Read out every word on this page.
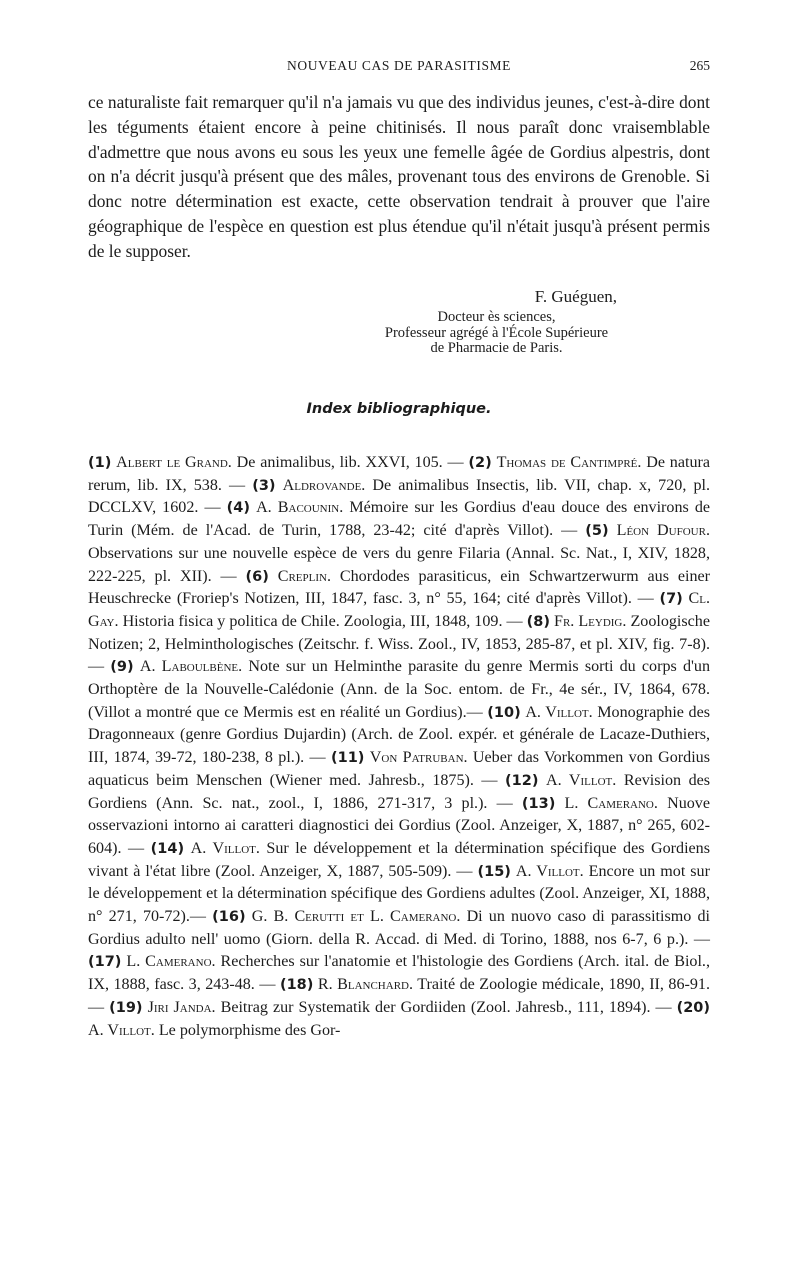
NOUVEAU CAS DE PARASITISME	265

ce naturaliste fait remarquer qu'il n'a jamais vu que des individus jeunes, c'est-à-dire dont les téguments étaient encore à peine chitinisés. Il nous paraît donc vraisemblable d'admettre que nous avons eu sous les yeux une femelle âgée de Gordius alpestris, dont on n'a décrit jusqu'à présent que des mâles, provenant tous des environs de Grenoble. Si donc notre détermination est exacte, cette observation tendrait à prouver que l'aire géographique de l'espèce en question est plus étendue qu'il n'était jusqu'à présent permis de le supposer.

F. Guéguen,
Docteur ès sciences,
Professeur agrégé à l'École Supérieure
de Pharmacie de Paris.
Index bibliographique.

(1) Albert le Grand. De animalibus, lib. XXVI, 105. — (2) Thomas de Cantimpré. De natura rerum, lib. IX, 538. — (3) Aldrovande. De animalibus Insectis, lib. VII, chap. x, 720, pl. DCCLXV, 1602. — (4) A. Bacounin. Mémoire sur les Gordius d'eau douce des environs de Turin (Mém. de l'Acad. de Turin, 1788, 23-42; cité d'après Villot). — (5) Léon Dufour. Observations sur une nouvelle espèce de vers du genre Filaria (Annal. Sc. Nat., I, XIV, 1828, 222-225, pl. XII). — (6) Creplin. Chordodes parasiticus, ein Schwartzerwurm aus einer Heuschrecke (Froriep's Notizen, III, 1847, fasc. 3, n° 55, 164; cité d'après Villot). — (7) Cl. Gay. Historia fisica y politica de Chile. Zoologia, III, 1848, 109. — (8) Fr. Leydig. Zoologische Notizen; 2, Helminthologisches (Zeitschr. f. Wiss. Zool., IV, 1853, 285-87, et pl. XIV, fig. 7-8). — (9) A. Laboulbène. Note sur un Helminthe parasite du genre Mermis sorti du corps d'un Orthoptère de la Nouvelle-Calédonie (Ann. de la Soc. entom. de Fr., 4e sér., IV, 1864, 678. (Villot a montré que ce Mermis est en réalité un Gordius).— (10) A. Villot. Monographie des Dragonneaux (genre Gordius Dujardin) (Arch. de Zool. expér. et générale de Lacaze-Duthiers, III, 1874, 39-72, 180-238, 8 pl.). — (11) Von Patruban. Ueber das Vorkommen von Gordius aquaticus beim Menschen (Wiener med. Jahresb., 1875). — (12) A. Villot. Revision des Gordiens (Ann. Sc. nat., zool., I, 1886, 271-317, 3 pl.). — (13) L. Camerano. Nuove osservazioni intorno ai caratteri diagnostici dei Gordius (Zool. Anzeiger, X, 1887, n° 265, 602-604). — (14) A. Villot. Sur le développement et la détermination spécifique des Gordiens vivant à l'état libre (Zool. Anzeiger, X, 1887, 505-509). — (15) A. Villot. Encore un mot sur le développement et la détermination spécifique des Gordiens adultes (Zool. Anzeiger, XI, 1888, n° 271, 70-72).— (16) G. B. Cerutti et L. Camerano. Di un nuovo caso di parassitismo di Gordius adulto nell' uomo (Giorn. della R. Accad. di Med. di Torino, 1888, nos 6-7, 6 p.). — (17) L. Camerano. Recherches sur l'anatomie et l'histologie des Gordiens (Arch. ital. de Biol., IX, 1888, fasc. 3, 243-48. — (18) R. Blanchard. Traité de Zoologie médicale, 1890, II, 86-91. — (19) Jiri Janda. Beitrag zur Systematik der Gordiiden (Zool. Jahresb., 111, 1894). — (20) A. Villot. Le polymorphisme des Gor-
